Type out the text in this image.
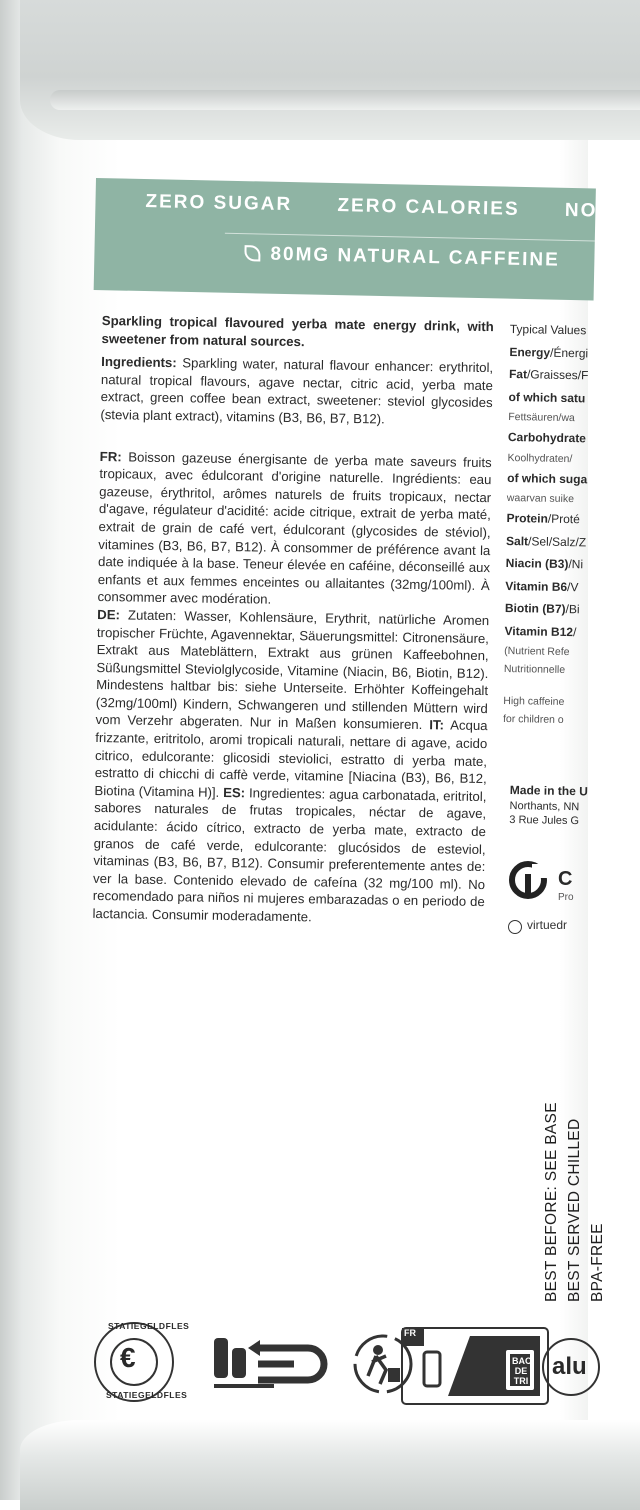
ZERO SUGAR ZERO CALORIES NO
80MG NATURAL CAFFEINE

Sparkling tropical flavoured yerba mate energy drink, with sweetener from natural sources.

Ingredients: Sparkling water, natural flavour enhancer: erythritol, natural tropical flavours, agave nectar, citric acid, yerba mate extract, green coffee bean extract, sweetener: steviol glycosides (stevia plant extract), vitamins (B3, B6, B7, B12).

FR: Boisson gazeuse énergisante de yerba mate saveurs fruits tropicaux, avec édulcorant d'origine naturelle. Ingrédients: eau gazeuse, érythritol, arômes naturels de fruits tropicaux, nectar d'agave, régulateur d'acidité: acide citrique, extrait de yerba maté, extrait de grain de café vert, édulcorant (glycosides de stéviol), vitamines (B3, B6, B7, B12). À consommer de préférence avant la date indiquée à la base. Teneur élevée en caféine, déconseillé aux enfants et aux femmes enceintes ou allaitantes (32mg/100ml). À consommer avec modération.
DE: Zutaten: Wasser, Kohlensäure, Erythrit, natürliche Aromen tropischer Früchte, Agavennektar, Säuerungsmittel: Citronensäure, Extrakt aus Mateblättern, Extrakt aus grünen Kaffeebohnen, Süßungsmittel Steviolglycoside, Vitamine (Niacin, B6, Biotin, B12). Mindestens haltbar bis: siehe Unterseite. Erhöhter Koffeingehalt (32mg/100ml) Kindern, Schwangeren und stillenden Müttern wird vom Verzehr abgeraten. Nur in Maßen konsumieren. IT: Acqua frizzante, eritritolo, aromi tropicali naturali, nettare di agave, acido citrico, edulcorante: glicosidi steviolici, estratto di yerba mate, estratto di chicchi di caffè verde, vitamine [Niacina (B3), B6, B12, Biotina (Vitamina H)]. ES: Ingredientes: agua carbonatada, eritritol, sabores naturales de frutas tropicales, néctar de agave, acidulante: ácido cítrico, extracto de yerba mate, extracto de granos de café verde, edulcorante: glucósidos de esteviol, vitaminas (B3, B6, B7, B12). Consumir preferentemente antes de: ver la base. Contenido elevado de cafeína (32 mg/100 ml). No recomendado para niños ni mujeres embarazadas o en periodo de lactancia. Consumir moderadamente.

Typical Values
Energy/Énergi
Fat/Graisses/F
of which satu
Fettsäuren/wa
Carbohydrate
Koolhydraten/
of which suga
waarvan suike
Protein/Proté
Salt/Sel/Salz/Z
Niacin (B3)/Ni
Vitamin B6/V
Biotin (B7)/Bi
Vitamin B12/
(Nutrient Refe
Nutritionnelle
High caffeine
for children o
Made in the U
Northants, NN
3 Rue Jules G
C
Pro
virtuedr
BEST BEFORE: SEE BASE BEST SERVED CHILLED BPA-FREE
STATIEGELDFLES
€
STATIEGELDFLES
FR
BAC DE TRI
alu
